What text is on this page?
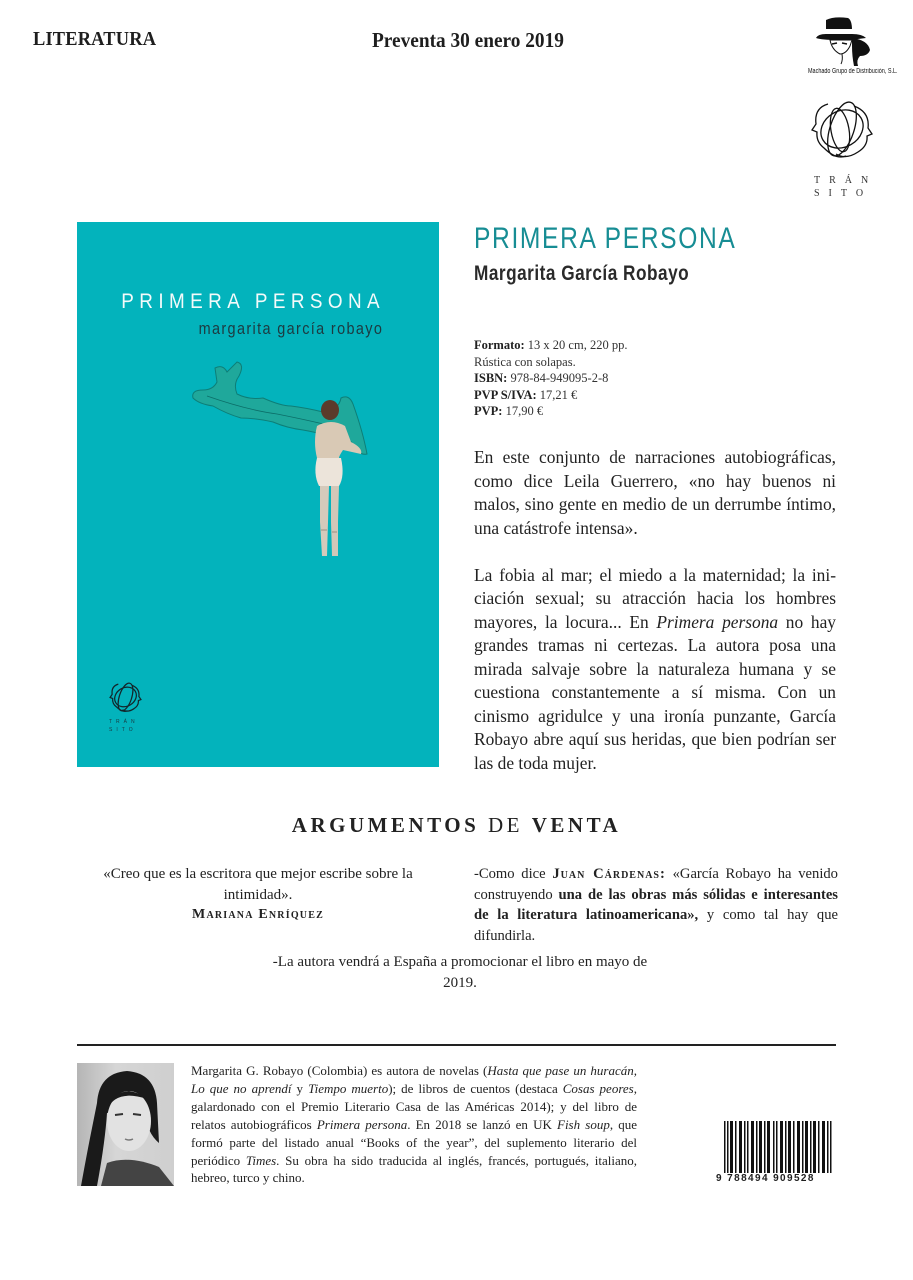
LITERATURA	Preventa 30 enero 2019
Machado Grupo de Distribución, S.L.
TRÁN
SITO
PRIMERA PERSONA
margarita garcía robayo
TRÁN
SITO
PRIMERA PERSONA
Margarita García Robayo
Formato: 13 x 20 cm, 220 pp.
Rústica con solapas.
ISBN: 978-84-949095-2-8
PVP S/IVA: 17,21 €
PVP: 17,90 €

En este conjunto de narraciones autobiográficas, como dice Leila Guerrero, «no hay buenos ni malos, sino gente en medio de un derrumbe íntimo, una catástrofe intensa».

La fobia al mar; el miedo a la maternidad; la iniciación sexual; su atracción hacia los hombres mayores, la locura... En Primera persona no hay grandes tramas ni certezas. La autora posa una mirada salvaje sobre la naturaleza humana y se cuestiona constantemente a sí misma. Con un cinismo agridulce y una ironía punzante, García Robayo abre aquí sus heridas, que bien podrían ser las de toda mujer.

ARGUMENTOS DE VENTA
«Creo que es la escritora que mejor escribe sobre la intimidad».
Mariana Enríquez
-Como dice Juan Cárdenas: «García Robayo ha venido construyendo una de las obras más sólidas e interesantes de la literatura latinoamericana», y como tal hay que difundirla.
-La autora vendrá a España a promocionar el libro en mayo de 2019.
Margarita G. Robayo (Colombia) es autora de novelas (Hasta que pase un huracán, Lo que no aprendí y Tiempo muerto); de libros de cuentos (destaca Cosas peores, galardonado con el Premio Literario Casa de las Américas 2014); y del libro de relatos autobiográficos Primera persona. En 2018 se lanzó en UK Fish soup, que formó parte del listado anual “Books of the year”, del suplemento literario del periódico Times. Su obra ha sido traducida al inglés, francés, portugués, italiano, hebreo, turco y chino.	9 788494 909528
